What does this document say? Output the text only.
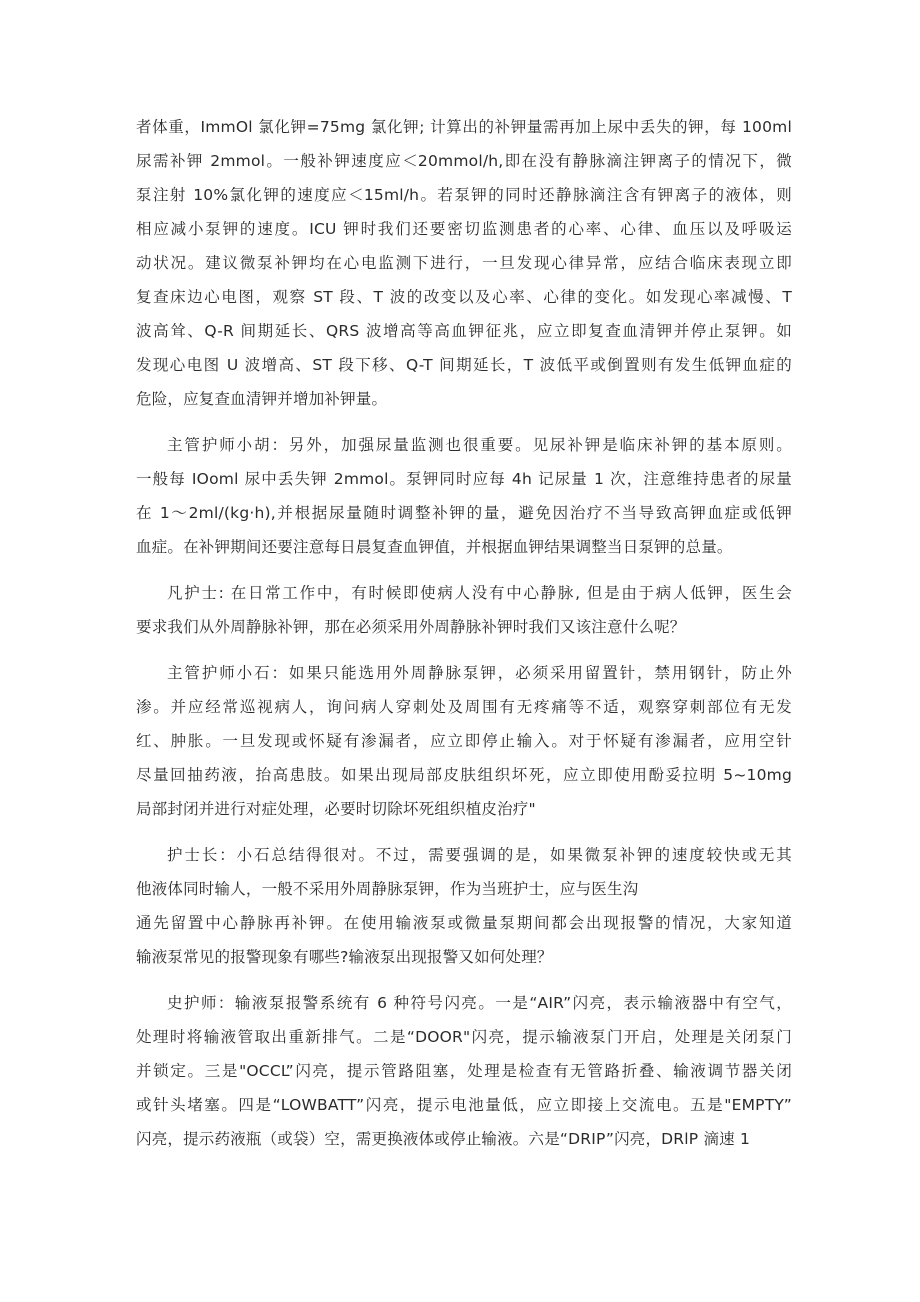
者体重，ImmOl 氯化钾=75mg 氯化钾; 计算出的补钾量需再加上尿中丢失的钾，每 100ml
尿需补钾 2mmol。一般补钾速度应＜20mmol/h,即在没有静脉滴注钾离子的情况下，微
泵注射 10%氯化钾的速度应＜15ml/h。若泵钾的同时还静脉滴注含有钾离子的液体，则
相应减小泵钾的速度。ICU 钾时我们还要密切监测患者的心率、心律、血压以及呼吸运
动状况。建议微泵补钾均在心电监测下进行，一旦发现心律异常，应结合临床表现立即
复查床边心电图，观察 ST 段、T 波的改变以及心率、心律的变化。如发现心率减慢、T
波高耸、Q-R 间期延长、QRS 波增高等高血钾征兆，应立即复查血清钾并停止泵钾。如
发现心电图 U 波增高、ST 段下移、Q-T 间期延长，T 波低平或倒置则有发生低钾血症的
危险，应复查血清钾并增加补钾量。
主管护师小胡：另外，加强尿量监测也很重要。见尿补钾是临床补钾的基本原则。
一般每 IOoml 尿中丢失钾 2mmol。泵钾同时应每 4h 记尿量 1 次，注意维持患者的尿量
在 1～2ml/(kg·h),并根据尿量随时调整补钾的量，避免因治疗不当导致高钾血症或低钾
血症。在补钾期间还要注意每日晨复查血钾值，并根据血钾结果调整当日泵钾的总量。
凡护士: 在日常工作中，有时候即使病人没有中心静脉, 但是由于病人低钾，医生会
要求我们从外周静脉补钾，那在必须采用外周静脉补钾时我们又该注意什么呢？
主管护师小石：如果只能选用外周静脉泵钾，必须采用留置针，禁用钢针，防止外
渗。并应经常巡视病人，询问病人穿刺处及周围有无疼痛等不适，观察穿刺部位有无发
红、肿胀。一旦发现或怀疑有渗漏者，应立即停止输入。对于怀疑有渗漏者，应用空针
尽量回抽药液，抬高患肢。如果出现局部皮肤组织坏死，应立即使用酚妥拉明 5~10mg
局部封闭并进行对症处理，必要时切除坏死组织植皮治疗"
护士长：小石总结得很对。不过，需要强调的是，如果微泵补钾的速度较快或无其
他液体同时输人，一般不采用外周静脉泵钾，作为当班护士，应与医生沟
通先留置中心静脉再补钾。在使用输液泵或微量泵期间都会出现报警的情况，大家知道
输液泵常见的报警现象有哪些?输液泵出现报警又如何处理？
史护师：输液泵报警系统有 6 种符号闪亮。一是“AIR”闪亮，表示输液器中有空气，
处理时将输液管取出重新排气。二是“DOOR"闪亮，提示输液泵门开启，处理是关闭泵门
并锁定。三是"OCCL”闪亮，提示管路阻塞，处理是检查有无管路折叠、输液调节器关闭
或针头堵塞。四是“LOWBATT”闪亮，提示电池量低，应立即接上交流电。五是"EMPTY”
闪亮，提示药液瓶（或袋）空，需更换液体或停止输液。六是“DRIP”闪亮，DRlP 滴速 1
